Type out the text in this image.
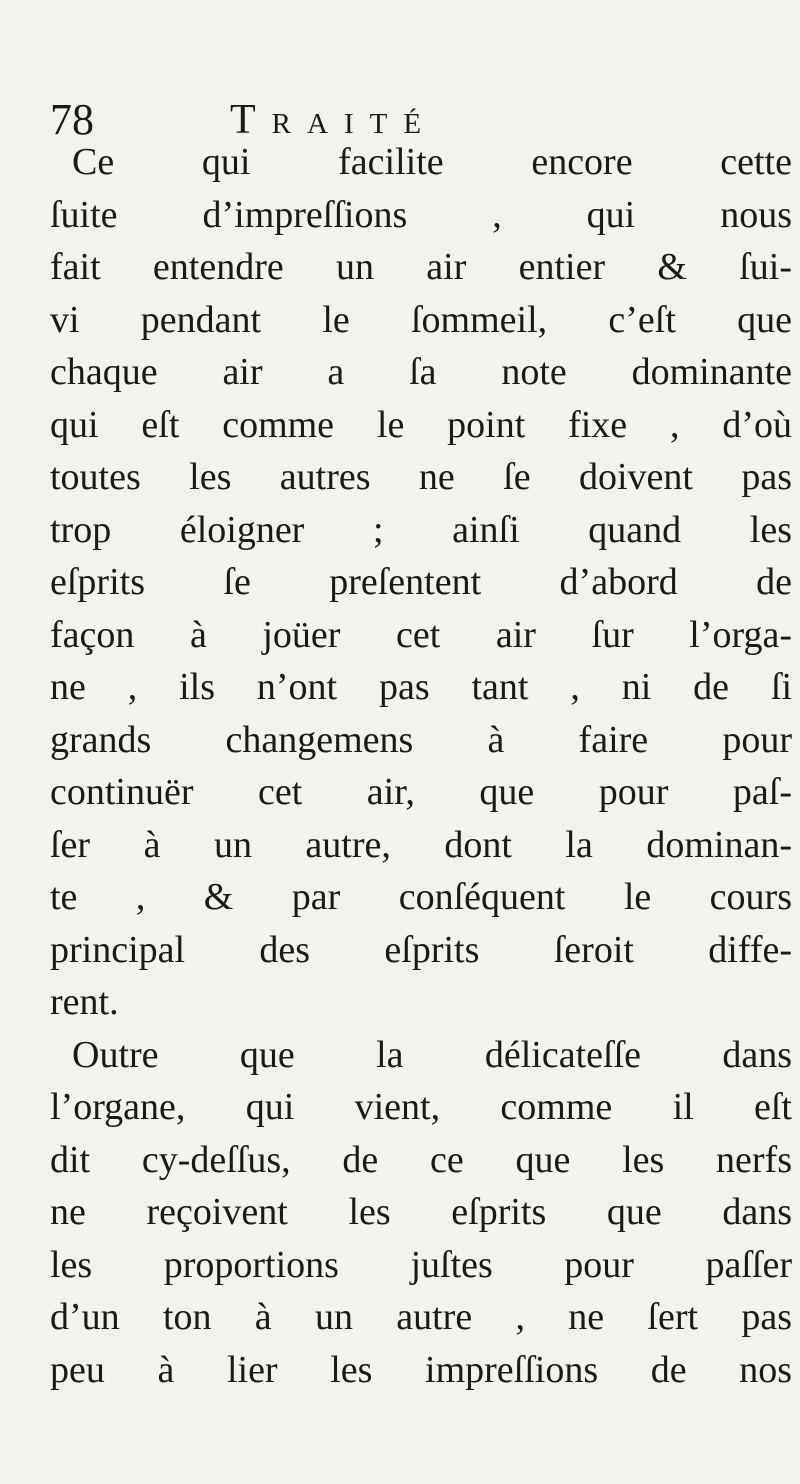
78	Traité
Ce qui facilite encore cette
ſuite d’impreſſions , qui nous
fait entendre un air entier & ſui-
vi pendant le ſommeil, c’eſt que
chaque air a ſa note dominante
qui eſt comme le point fixe , d’où
toutes les autres ne ſe doivent pas
trop éloigner ; ainſi quand les
eſprits ſe preſentent d’abord de
façon à joüer cet air ſur l’orga-
ne , ils n’ont pas tant , ni de ſi
grands changemens à faire pour
continuër cet air, que pour paſ-
ſer à un autre, dont la dominan-
te , & par conſéquent le cours
principal des eſprits ſeroit diffe-
rent.
Outre que la délicateſſe dans
l’organe, qui vient, comme il eſt
dit cy-deſſus, de ce que les nerfs
ne reçoivent les eſprits que dans
les proportions juſtes pour paſſer
d’un ton à un autre , ne ſert pas
peu à lier les impreſſions de nos
